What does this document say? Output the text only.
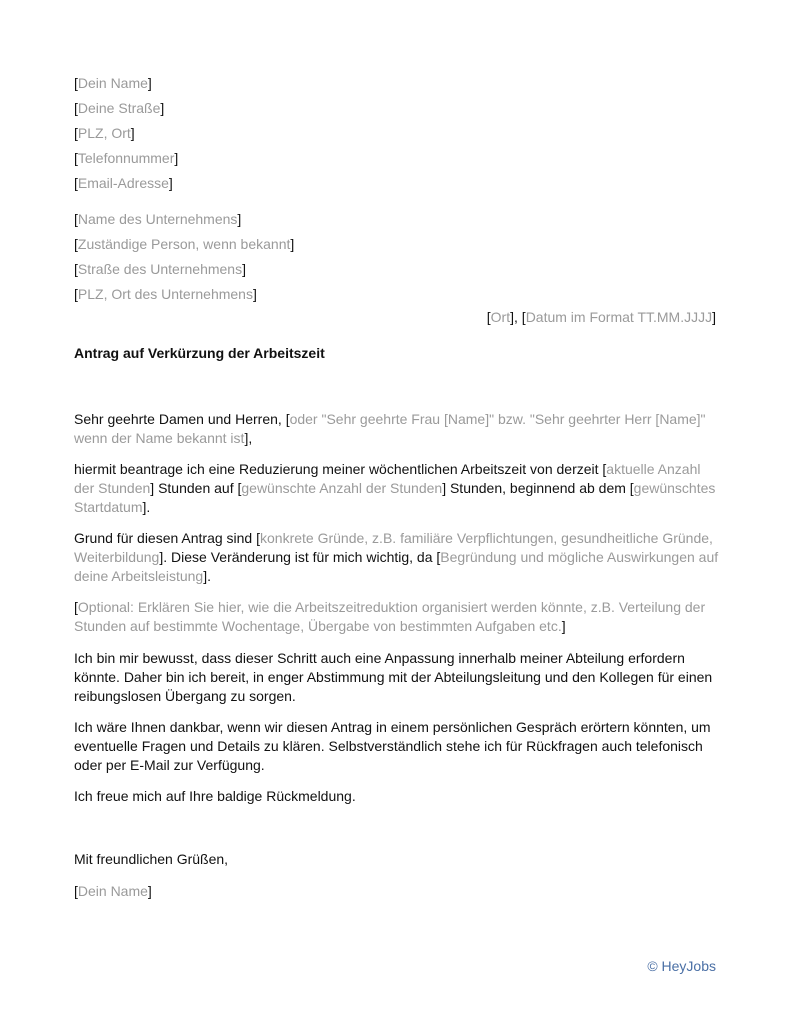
[Dein Name]
[Deine Straße]
[PLZ, Ort]
[Telefonnummer]
[Email-Adresse]
[Name des Unternehmens]
[Zuständige Person, wenn bekannt]
[Straße des Unternehmens]
[PLZ, Ort des Unternehmens]
[Ort], [Datum im Format TT.MM.JJJJ]
Antrag auf Verkürzung der Arbeitszeit
Sehr geehrte Damen und Herren, [oder "Sehr geehrte Frau [Name]" bzw. "Sehr geehrter Herr [Name]" wenn der Name bekannt ist],
hiermit beantrage ich eine Reduzierung meiner wöchentlichen Arbeitszeit von derzeit [aktuelle Anzahl der Stunden] Stunden auf [gewünschte Anzahl der Stunden] Stunden, beginnend ab dem [gewünschtes Startdatum].
Grund für diesen Antrag sind [konkrete Gründe, z.B. familiäre Verpflichtungen, gesundheitliche Gründe, Weiterbildung]. Diese Veränderung ist für mich wichtig, da [Begründung und mögliche Auswirkungen auf deine Arbeitsleistung].
[Optional: Erklären Sie hier, wie die Arbeitszeitreduktion organisiert werden könnte, z.B. Verteilung der Stunden auf bestimmte Wochentage, Übergabe von bestimmten Aufgaben etc.]
Ich bin mir bewusst, dass dieser Schritt auch eine Anpassung innerhalb meiner Abteilung erfordern könnte. Daher bin ich bereit, in enger Abstimmung mit der Abteilungsleitung und den Kollegen für einen reibungslosen Übergang zu sorgen.
Ich wäre Ihnen dankbar, wenn wir diesen Antrag in einem persönlichen Gespräch erörtern könnten, um eventuelle Fragen und Details zu klären. Selbstverständlich stehe ich für Rückfragen auch telefonisch oder per E-Mail zur Verfügung.
Ich freue mich auf Ihre baldige Rückmeldung.
Mit freundlichen Grüßen,
[Dein Name]
© HeyJobs
